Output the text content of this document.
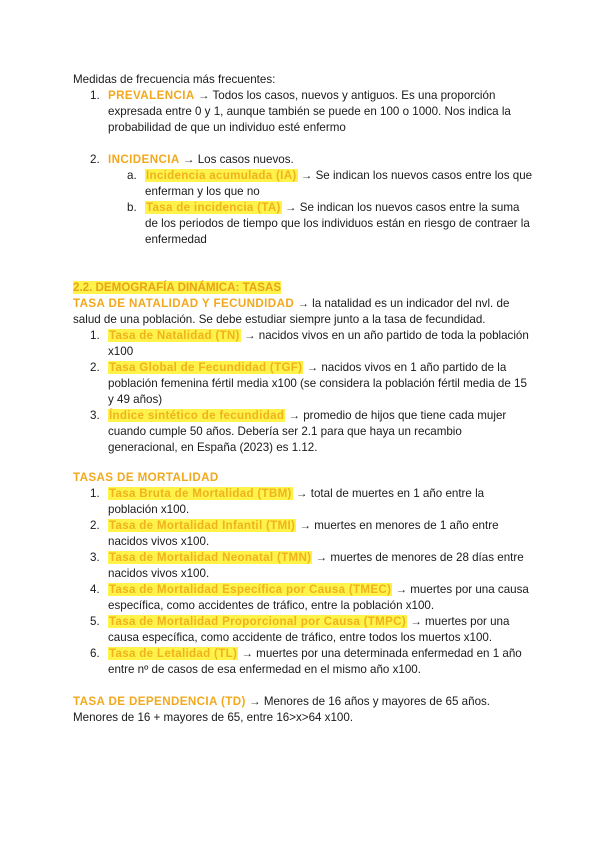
Medidas de frecuencia más frecuentes:

1. PREVALENCIA → Todos los casos, nuevos y antiguos. Es una proporción expresada entre 0 y 1, aunque también se puede en 100 o 1000. Nos indica la probabilidad de que un individuo esté enfermo
2. INCIDENCIA → Los casos nuevos.
a. Incidencia acumulada (IA) → Se indican los nuevos casos entre los que enferman y los que no
b. Tasa de incidencia (TA) → Se indican los nuevos casos entre la suma de los periodos de tiempo que los individuos están en riesgo de contraer la enfermedad

2.2. DEMOGRAFÍA DINÁMICA: TASAS

TASA DE NATALIDAD Y FECUNDIDAD → la natalidad es un indicador del nvl. de salud de una población. Se debe estudiar siempre junto a la tasa de fecundidad.

1. Tasa de Natalidad (TN) → nacidos vivos en un año partido de toda la población x100
2. Tasa Global de Fecundidad (TGF) → nacidos vivos en 1 año partido de la población femenina fértil media x100 (se considera la población fértil media de 15 y 49 años)
3. Índice sintético de fecundidad → promedio de hijos que tiene cada mujer cuando cumple 50 años. Debería ser 2.1 para que haya un recambio generacional, en España (2023) es 1.12.

TASAS DE MORTALIDAD

1. Tasa Bruta de Mortalidad (TBM) → total de muertes en 1 año entre la población x100.
2. Tasa de Mortalidad Infantil (TMI) → muertes en menores de 1 año entre nacidos vivos x100.
3. Tasa de Mortalidad Neonatal (TMN) → muertes de menores de 28 días entre nacidos vivos x100.
4. Tasa de Mortalidad Específica por Causa (TMEC) → muertes por una causa específica, como accidentes de tráfico, entre la población x100.
5. Tasa de Mortalidad Proporcional por Causa (TMPC) → muertes por una causa específica, como accidente de tráfico, entre todos los muertos x100.
6. Tasa de Letalidad (TL) → muertes por una determinada enfermedad en 1 año entre nº de casos de esa enfermedad en el mismo año x100.

TASA DE DEPENDENCIA (TD) → Menores de 16 años y mayores de 65 años. Menores de 16 + mayores de 65, entre 16>x>64 x100.
